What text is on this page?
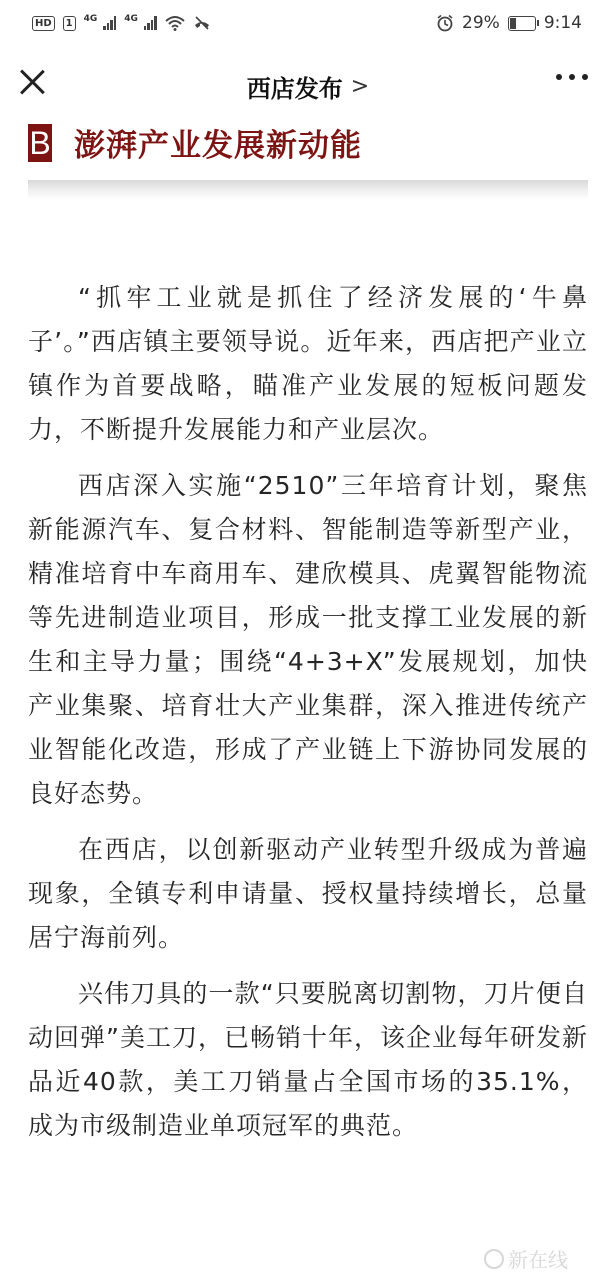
HD	1	4G	4G	29%	9:14
西店发布 >
B 澎湃产业发展新动能

“抓牢工业就是抓住了经济发展的‘牛鼻子’。”西店镇主要领导说。近年来，西店把产业立镇作为首要战略，瞄准产业发展的短板问题发力，不断提升发展能力和产业层次。

西店深入实施“2510”三年培育计划，聚焦新能源汽车、复合材料、智能制造等新型产业，精准培育中车商用车、建欣模具、虎翼智能物流等先进制造业项目，形成一批支撑工业发展的新生和主导力量；围绕“4+3+X”发展规划，加快产业集聚、培育壮大产业集群，深入推进传统产业智能化改造，形成了产业链上下游协同发展的良好态势。

在西店，以创新驱动产业转型升级成为普遍现象，全镇专利申请量、授权量持续增长，总量居宁海前列。

兴伟刀具的一款“只要脱离切割物，刀片便自动回弹”美工刀，已畅销十年，该企业每年研发新品近40款，美工刀销量占全国市场的35.1%，成为市级制造业单项冠军的典范。

新在线
